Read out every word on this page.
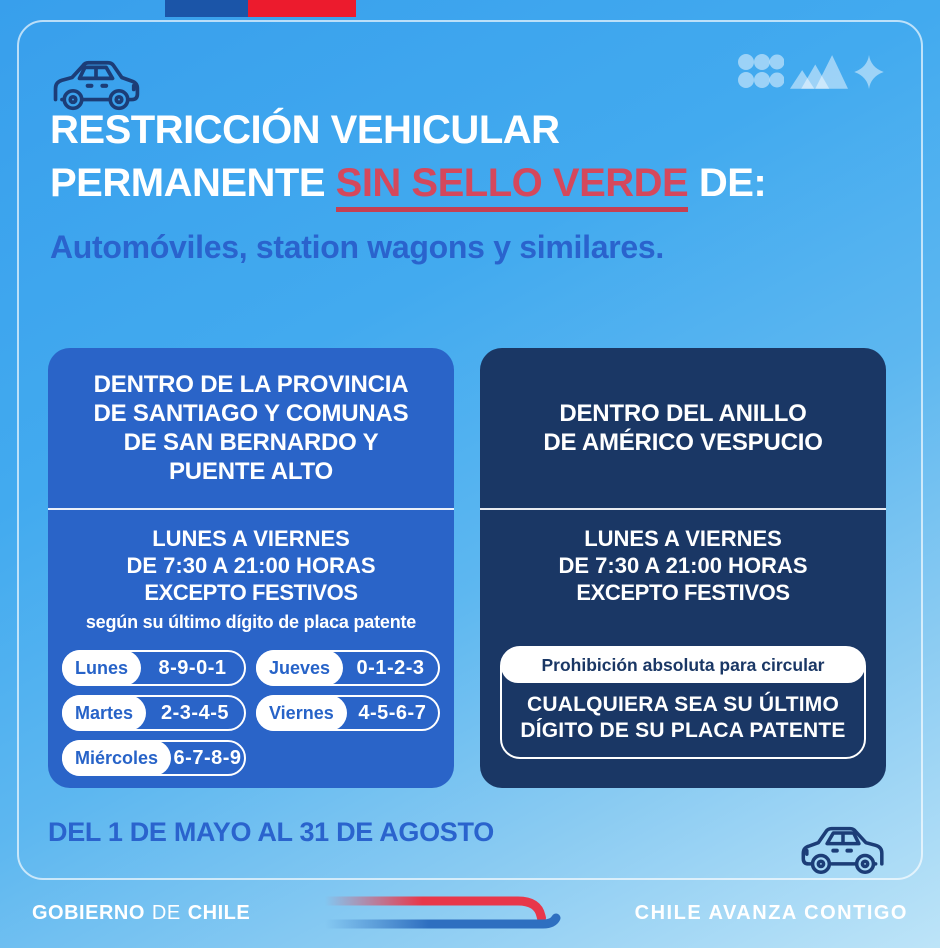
RESTRICCIÓN VEHICULAR
PERMANENTE SIN SELLO VERDE DE:
Automóviles, station wagons y similares.
DENTRO DE LA PROVINCIA
DE SANTIAGO Y COMUNAS
DE SAN BERNARDO Y
PUENTE ALTO
LUNES A VIERNES
DE 7:30 A 21:00 HORAS
EXCEPTO FESTIVOS
según su último dígito de placa patente
Lunes	8-9-0-1
Martes	2-3-4-5
Miércoles 6-7-8-9
Jueves	0-1-2-3
Viernes	4-5-6-7
DENTRO DEL ANILLO
DE AMÉRICO VESPUCIO
LUNES A VIERNES
DE 7:30 A 21:00 HORAS
EXCEPTO FESTIVOS
Prohibición absoluta para circular
CUALQUIERA SEA SU ÚLTIMO
DÍGITO DE SU PLACA PATENTE
DEL 1 DE MAYO AL 31 DE AGOSTO
GOBIERNO DE CHILE	CHILE AVANZA CONTIGO
